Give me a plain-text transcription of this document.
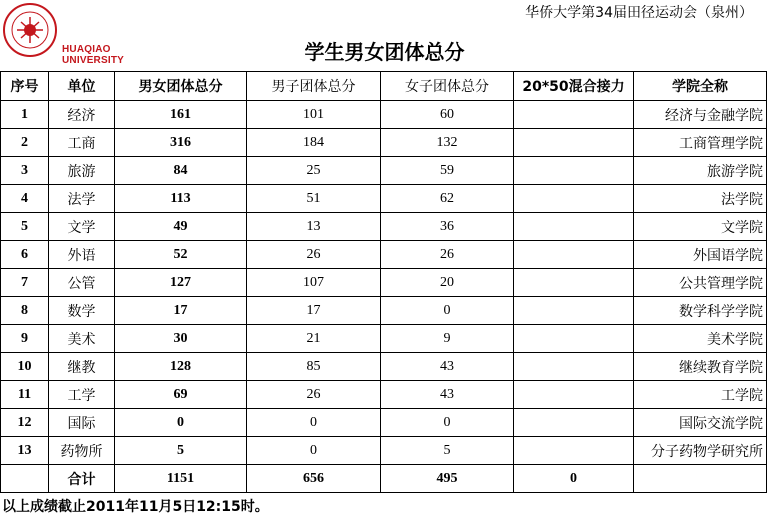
HUAQIAO UNIVERSITY
华侨大学第34届田径运动会（泉州）
学生男女团体总分
序号	单位	男女团体总分	男子团体总分	女子团体总分	20*50混合接力	学院全称
1	经济	161	101	60		经济与金融学院
2	工商	316	184	132		工商管理学院
3	旅游	84	25	59		旅游学院
4	法学	113	51	62		法学院
5	文学	49	13	36		文学院
6	外语	52	26	26		外国语学院
7	公管	127	107	20		公共管理学院
8	数学	17	17	0		数学科学学院
9	美术	30	21	9		美术学院
10	继教	128	85	43		继续教育学院
11	工学	69	26	43		工学院
12	国际	0	0	0		国际交流学院
13	药物所	5	0	5		分子药物学研究所
	合计	1151	656	495	0	
以上成绩截止2011年11月5日12:15时。
